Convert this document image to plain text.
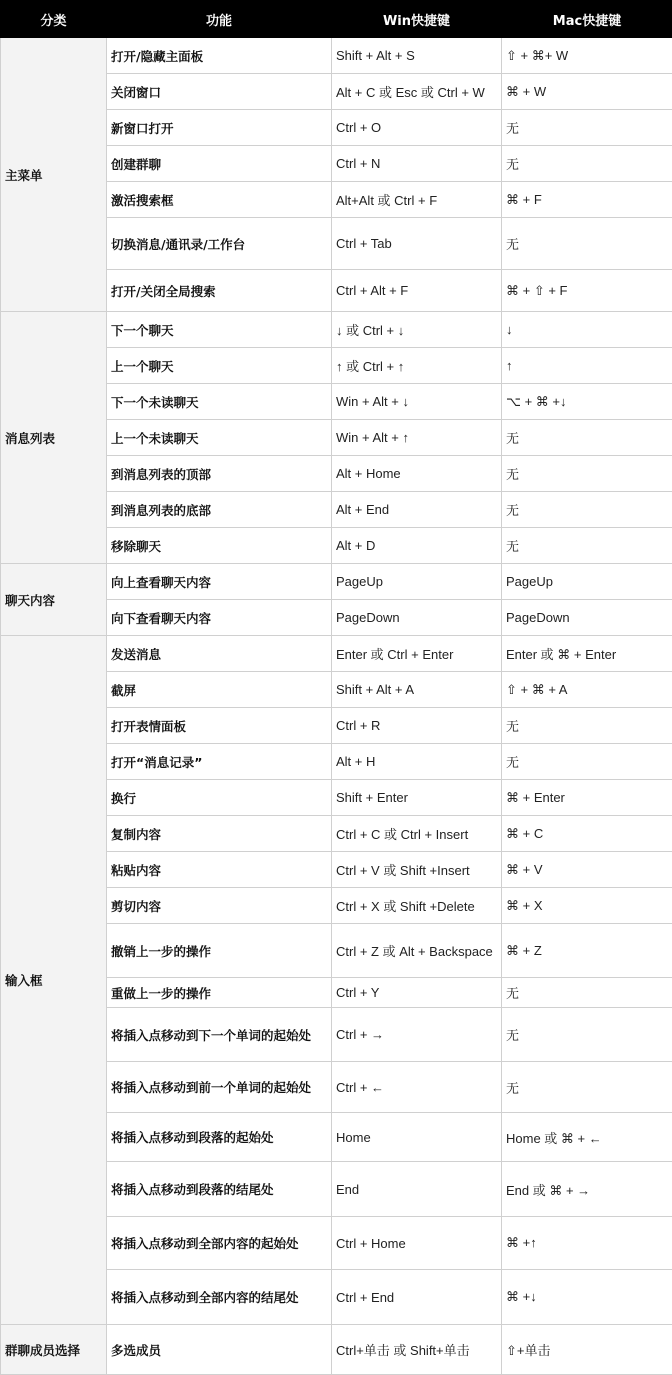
分类	功能	Win快捷键	Mac快捷键
主菜单	打开/隐藏主面板	Shift + Alt + S	⇧ + ⌘+ W
	关闭窗口	Alt + C 或 Esc 或 Ctrl + W	⌘ + W
	新窗口打开	Ctrl + O	无
	创建群聊	Ctrl + N	无
	激活搜索框	Alt+Alt 或 Ctrl + F	⌘ + F
	切换消息/通讯录/工作台	Ctrl + Tab	无
	打开/关闭全局搜索	Ctrl + Alt + F	⌘ + ⇧ + F
消息列表	下一个聊天	↓ 或 Ctrl + ↓	↓
	上一个聊天	↑ 或 Ctrl + ↑	↑
	下一个未读聊天	Win + Alt + ↓	⌥ + ⌘ +↓
	上一个未读聊天	Win + Alt + ↑	无
	到消息列表的顶部	Alt + Home	无
	到消息列表的底部	Alt + End	无
	移除聊天	Alt + D	无
聊天内容	向上查看聊天内容	PageUp	PageUp
	向下查看聊天内容	PageDown	PageDown
输入框	发送消息	Enter 或 Ctrl + Enter	Enter 或 ⌘ + Enter
	截屏	Shift + Alt + A	⇧ + ⌘ + A
	打开表情面板	Ctrl + R	无
	打开“消息记录”	Alt + H	无
	换行	Shift + Enter	⌘ + Enter
	复制内容	Ctrl + C 或 Ctrl + Insert	⌘ + C
	粘贴内容	Ctrl + V 或 Shift +Insert	⌘ + V
	剪切内容	Ctrl + X 或 Shift +Delete	⌘ + X
	撤销上一步的操作	Ctrl + Z 或 Alt + Backspace	⌘ + Z
	重做上一步的操作	Ctrl + Y	无
	将插入点移动到下一个单词的起始处	Ctrl + →	无
	将插入点移动到前一个单词的起始处	Ctrl + ←	无
	将插入点移动到段落的起始处	Home	Home 或 ⌘ + ←
	将插入点移动到段落的结尾处	End	End 或 ⌘ + →
	将插入点移动到全部内容的起始处	Ctrl + Home	⌘ +↑
	将插入点移动到全部内容的结尾处	Ctrl + End	⌘ +↓
群聊成员选择	多选成员	Ctrl+单击 或 Shift+单击	⇧+单击
